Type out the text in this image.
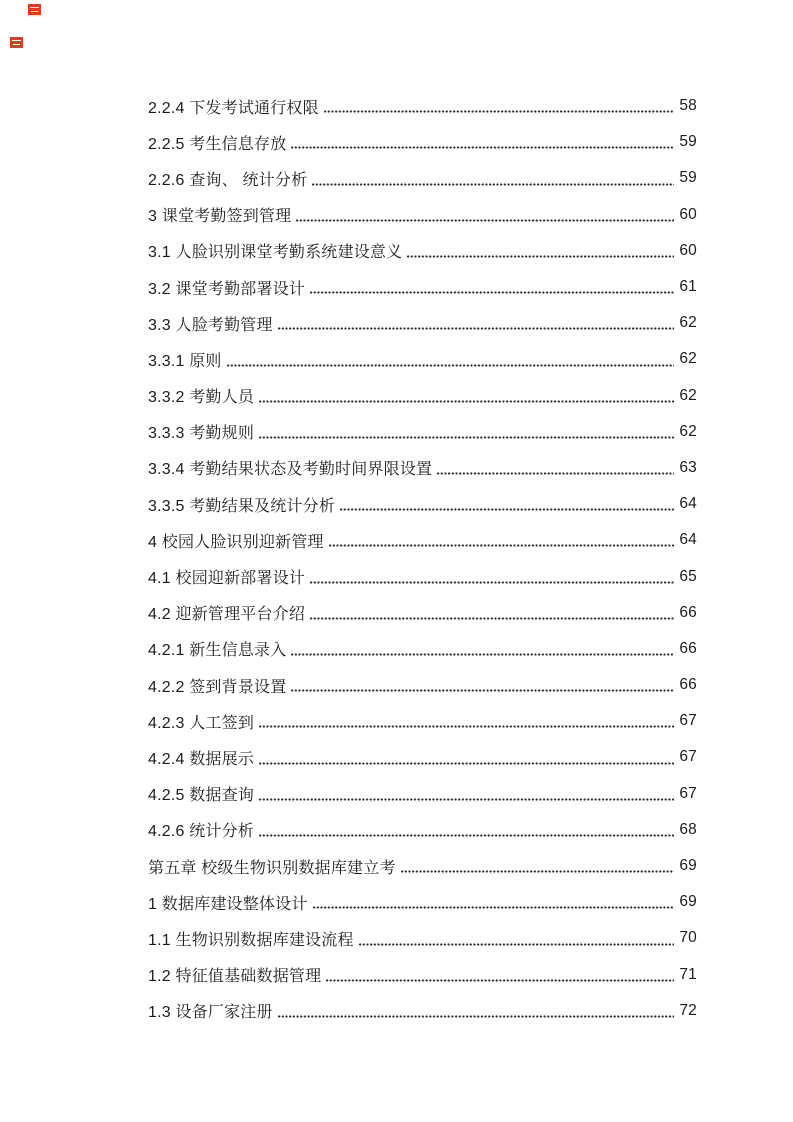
2.2.4 下发考试通行权限	58
2.2.5 考生信息存放	59
2.2.6 查询、 统计分析	59
3 课堂考勤签到管理	60
3.1 人脸识别课堂考勤系统建设意义	60
3.2 课堂考勤部署设计	61
3.3 人脸考勤管理	62
3.3.1 原则	62
3.3.2 考勤人员	62
3.3.3 考勤规则	62
3.3.4 考勤结果状态及考勤时间界限设置	63
3.3.5 考勤结果及统计分析	64
4 校园人脸识别迎新管理	64
4.1 校园迎新部署设计	65
4.2 迎新管理平台介绍	66
4.2.1 新生信息录入	66
4.2.2 签到背景设置	66
4.2.3 人工签到	67
4.2.4 数据展示	67
4.2.5 数据查询	67
4.2.6 统计分析	68
第五章 校级生物识别数据库建立考	69
1 数据库建设整体设计	69
1.1 生物识别数据库建设流程	70
1.2 特征值基础数据管理	71
1.3 设备厂家注册	72
